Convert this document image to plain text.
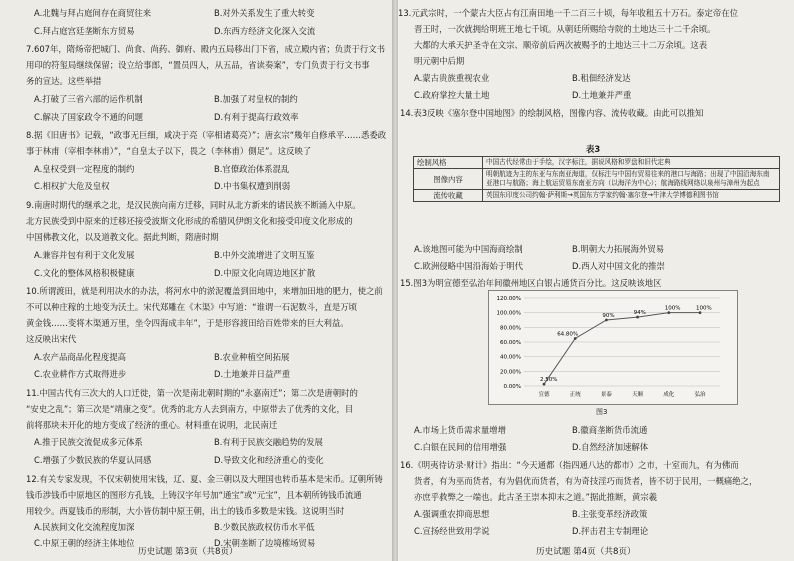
A.北魏与拜占庭间存在商贸往来	B.对外关系发生了重大转变
C.拜占庭宫廷垄断东方贸易	D.东西方经济文化深入交流
7.607年，隋炀帝把城门、尚食、尚药、御府、殿内五局移出门下省，成立殿内省；负责于行文书
用印的符玺局继续保留；设立给事郎，“置员四人，从五品，省读奏案”，专门负责于行文书事
务的宣达。这些举措
A.打破了三省六部的运作机制	B.加强了对皇权的制约
C.解决了国家政令不通的问题	D.有利于提高行政效率
8.据《旧唐书》记载，“政事无巨细，咸决于亮（宰相诸葛亮）”；唐玄宗“幾年自修承平……悉委政
事于林甫（宰相李林甫）”，“自皇太子以下，畏之（李林甫）側足”。这反映了
A.皇权受到一定程度的制约	B.官僚政治体系混乱
C.相权扩大危及皇权	D.中书集权遭到削弱
9.南唐时期代的继承之北，是汉民族向南方迁移，同时从北方新来的诸民族不断涌入中原。
北方民族受到中原来的迁移还接受波斯文化形成的希腊风伊朗文化和接受印度文化形成的
中国佛教文化，以及道教文化。据此判断，隋唐时期
A.兼容并包有利于文化发展	B.中外交流增进了文明互鉴
C.文化的整体风格积极健康	D.中原文化向周边地区扩散
10.所谓渡田，就是利用决水的办法，将河水中的淤泥覆盖到田地中，来增加田地的肥力，使之前
不可以种庄稼的土地变为沃土。宋代郑雕在《木渠》中写道：“谁谓一石泥数斗，直是万顷
黄金钱……变将木渠通万里，坐令四海成丰年”，于是形容渡田给百姓带来的巨大利益。
这反映出宋代
A.农产品商品化程度提高	B.农业种植空间拓展
C.农业耕作方式取得进步	D.土地兼并日益严重
11.中国古代有三次大的人口迁徙，第一次是南北朝时期的“永嘉南迁”；第二次是唐朝时的
“安史之乱”；第三次是“靖康之变”。优秀的北方人去到南方，中原带去了优秀的文化，目
前将那块未开化的地方变成了经济的重心。材料重在说明，北民南迁
A.推于民族交流促成多元体系	B.有利于民族交融趋势的发展
C.增强了少数民族的华夏认同感	D.导致文化和经济重心的变化
12.有关专家发现，不仅宋朝使用宋钱，辽、夏、金三朝以及大理国也转币基本是宋币。辽朝所铸
钱币涉钱币中原地区的图形方孔钱，上铸汉字年号加“通宝”或“元宝”，且本朝所铸钱币流通
用较少。西夏钱币的形制，大小皆仿制中原王朝，出土的钱币多数是宋钱。这说明当时
A.民族间文化交流程度加深	B.少数民族政权仿币水平低
C.中原王朝的经济主体地位	D.宋朝垄断了边境榷场贸易
历史试题 第3页（共8页）
13.元武宗时，一个蒙古大臣占有江南田地一千二百三十顷，每年收租五十万石。泰定帝在位
晋王时，一次就拥给明班王地七千顷。从朝廷所赐给寺院的土地达三十二千余顷。
大都的大承天护圣寺在文宗、顺帝前后两次被赐予的土地达三十二万余顷。这表
明元朝中后期
A.蒙古贵族重视农业	B.租佃经济发达
C.政府掌控大量土地	D.土地兼并严重
14.表3反映《塞尔登中国地图》的绘制风格，图像内容、流传收藏。由此可以推知
A.该地图可能为中国海商绘制	B.明朝大力拓展海外贸易
C.欧洲侵略中国沿海始于明代	D.西人对中国文化的推崇
15.图3为明宣德至弘治年间徽州地区白银占通货百分比。这反映该地区
A.市场上货币需求量增增	B.徽商垄断货币流通
C.白银在民间的信用增强	D.自然经济加速解体
16.《明夷待访录·财计》指出：“今天通都（指四通八达的都市）之市，十室而九，有为佛而
货者，有为巫而货者，有为倡优而货者，有为奇技淫巧而货者，皆不切于民用，一概痛绝之，
亦庶乎救弊之一端也。此古圣王崇本抑末之道。”据此推断，黄宗羲
A.强调重农抑商思想	B.主张变革经济政策
C.宣扬经世致用学说	D.抨击君主专制理论
表3
绘制风格	中国古代经常由于手绘，汉字标注，据说风格和罗盘和旧代定典
图像内容	明朝航迹为主的东亚与东南亚海道，仅标注与中国有贸易往来的港口与海路；出现了中国沿海东南亚港口与航路；海上航运贸易东南亚方向（以海洋为中心）；航海路线网络以泉州与漳州为起点
流传收藏	英国东印度公司约翰·萨利斯→英国东方学家约翰·塞尔登→牛津大学博德利图书馆
0.00%
20.00%
40.00%
60.00%
80.00%
100.00%
120.00%
2.50%
64.80%
90%	94%
100%	100%
宣德	正统	景泰	天顺	成化	弘治
图3
历史试题 第4页（共8页）
